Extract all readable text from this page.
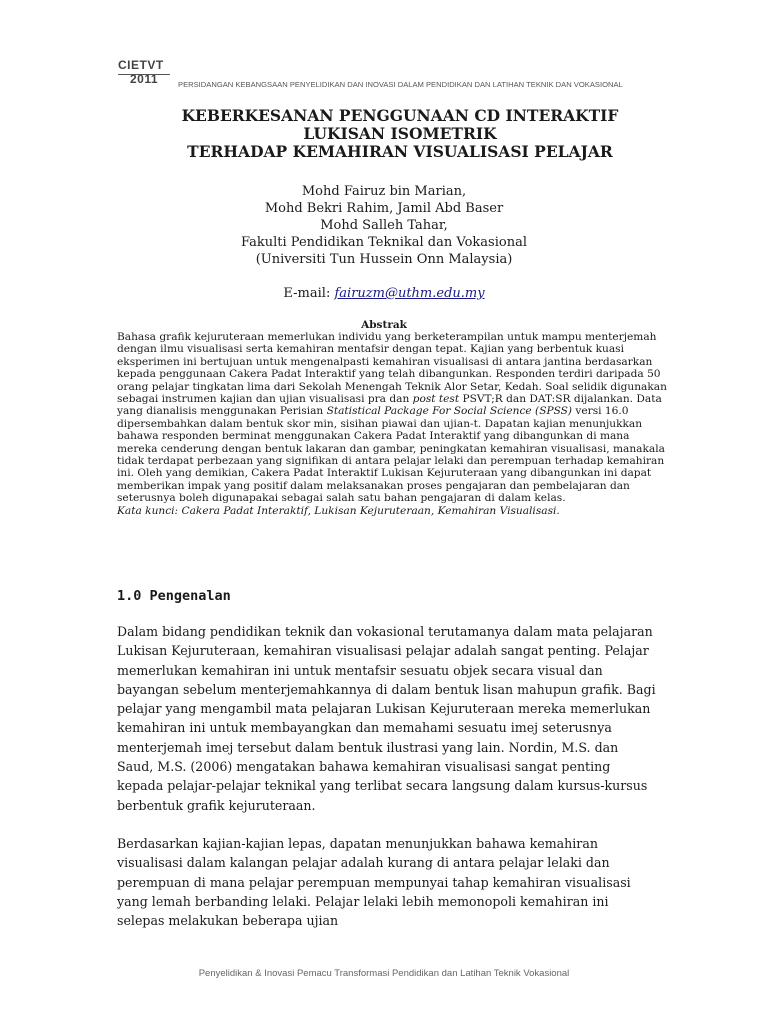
CIETVT
2011	PERSIDANGAN KEBANGSAAN PENYELIDIKAN DAN INOVASI DALAM PENDIDIKAN DAN LATIHAN TEKNIK DAN VOKASIONAL
KEBERKESANAN PENGGUNAAN CD INTERAKTIF
LUKISAN ISOMETRIK
TERHADAP KEMAHIRAN VISUALISASI PELAJAR
Mohd Fairuz bin Marian,
Mohd Bekri Rahim, Jamil Abd Baser
Mohd Salleh Tahar,
Fakulti Pendidikan Teknikal dan Vokasional
(Universiti Tun Hussein Onn Malaysia)
E-mail: fairuzm@uthm.edu.my
Abstrak

Bahasa grafik kejuruteraan memerlukan individu yang berketerampilan untuk mampu menterjemah dengan ilmu visualisasi serta kemahiran mentafsir dengan tepat. Kajian yang berbentuk kuasi eksperimen ini bertujuan untuk mengenalpasti kemahiran visualisasi di antara jantina berdasarkan kepada penggunaan Cakera Padat Interaktif yang telah dibangunkan. Responden terdiri daripada 50 orang pelajar tingkatan lima dari Sekolah Menengah Teknik Alor Setar, Kedah. Soal selidik digunakan sebagai instrumen kajian dan ujian visualisasi pra dan post test PSVT;R dan DAT:SR dijalankan. Data yang dianalisis menggunakan Perisian Statistical Package For Social Science (SPSS) versi 16.0 dipersembahkan dalam bentuk skor min, sisihan piawai dan ujian-t. Dapatan kajian menunjukkan bahawa responden berminat menggunakan Cakera Padat Interaktif yang dibangunkan di mana mereka cenderung dengan bentuk lakaran dan gambar, peningkatan kemahiran visualisasi, manakala tidak terdapat perbezaan yang signifikan di antara pelajar lelaki dan perempuan terhadap kemahiran ini. Oleh yang demikian, Cakera Padat Interaktif Lukisan Kejuruteraan yang dibangunkan ini dapat memberikan impak yang positif dalam melaksanakan proses pengajaran dan pembelajaran dan seterusnya boleh digunapakai sebagai salah satu bahan pengajaran di dalam kelas.

Kata kunci: Cakera Padat Interaktif, Lukisan Kejuruteraan, Kemahiran Visualisasi.

1.0 Pengenalan

Dalam bidang pendidikan teknik dan vokasional terutamanya dalam mata pelajaran Lukisan Kejuruteraan, kemahiran visualisasi pelajar adalah sangat penting. Pelajar memerlukan kemahiran ini untuk mentafsir sesuatu objek secara visual dan bayangan sebelum menterjemahkannya di dalam bentuk lisan mahupun grafik. Bagi pelajar yang mengambil mata pelajaran Lukisan Kejuruteraan mereka memerlukan kemahiran ini untuk membayangkan dan memahami sesuatu imej seterusnya menterjemah imej tersebut dalam bentuk ilustrasi yang lain. Nordin, M.S. dan Saud, M.S. (2006) mengatakan bahawa kemahiran visualisasi sangat penting kepada pelajar-pelajar teknikal yang terlibat secara langsung dalam kursus-kursus berbentuk grafik kejuruteraan.

Berdasarkan kajian-kajian lepas, dapatan menunjukkan bahawa kemahiran visualisasi dalam kalangan pelajar adalah kurang di antara pelajar lelaki dan perempuan di mana pelajar perempuan mempunyai tahap kemahiran visualisasi yang lemah berbanding lelaki. Pelajar lelaki lebih memonopoli kemahiran ini selepas melakukan beberapa ujian

Penyelidikan & Inovasi Pemacu Transformasi Pendidikan dan Latihan Teknik Vokasional
